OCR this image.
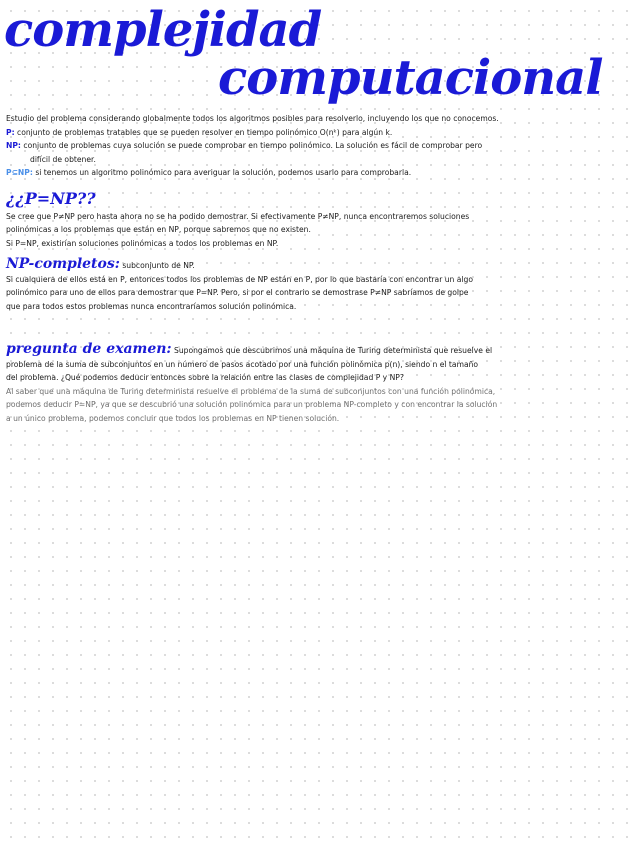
complejidad
computacional

Estudio del problema considerando globalmente todos los algoritmos posibles para resolverlo, incluyendo los que no conocemos.

P: conjunto de problemas tratables que se pueden resolver en tiempo polinómico O(nᵏ) para algún k.

NP: conjunto de problemas cuya solución se puede comprobar en tiempo polinómico. La solución es fácil de comprobar pero

difícil de obtener.

P⊆NP: si tenemos un algoritmo polinómico para averiguar la solución, podemos usarlo para comprobarla.

¿¿P=NP??

Se cree que P≠NP pero hasta ahora no se ha podido demostrar. Si efectivamente P≠NP, nunca encontraremos soluciones

polinómicas a los problemas que están en NP, porque sabremos que no existen.

Si P=NP, existirían soluciones polinómicas a todos los problemas en NP.

NP-completos: subconjunto de NP.

Si cualquiera de ellos está en P, entonces todos los problemas de NP están en P, por lo que bastaría con encontrar un algo

polinómico para uno de ellos para demostrar que P=NP. Pero, si por el contrario se demostrase P≠NP sabríamos de golpe

que para todos estos problemas nunca encontraríamos solución polinómica.

pregunta de examen: Supongamos que descubrimos una máquina de Turing determinista que resuelve el

problema de la suma de subconjuntos en un número de pasos acotado por una función polinómica p(n), siendo n el tamaño

del problema. ¿Qué podemos deducir entonces sobre la relación entre las clases de complejidad P y NP?

Al saber que una máquina de Turing determinista resuelve el problema de la suma de subconjuntos con una función polinómica,

podemos deducir P=NP, ya que se descubrió una solución polinómica para un problema NP-completo y con encontrar la solución

a un único problema, podemos concluir que todos los problemas en NP tienen solución.
